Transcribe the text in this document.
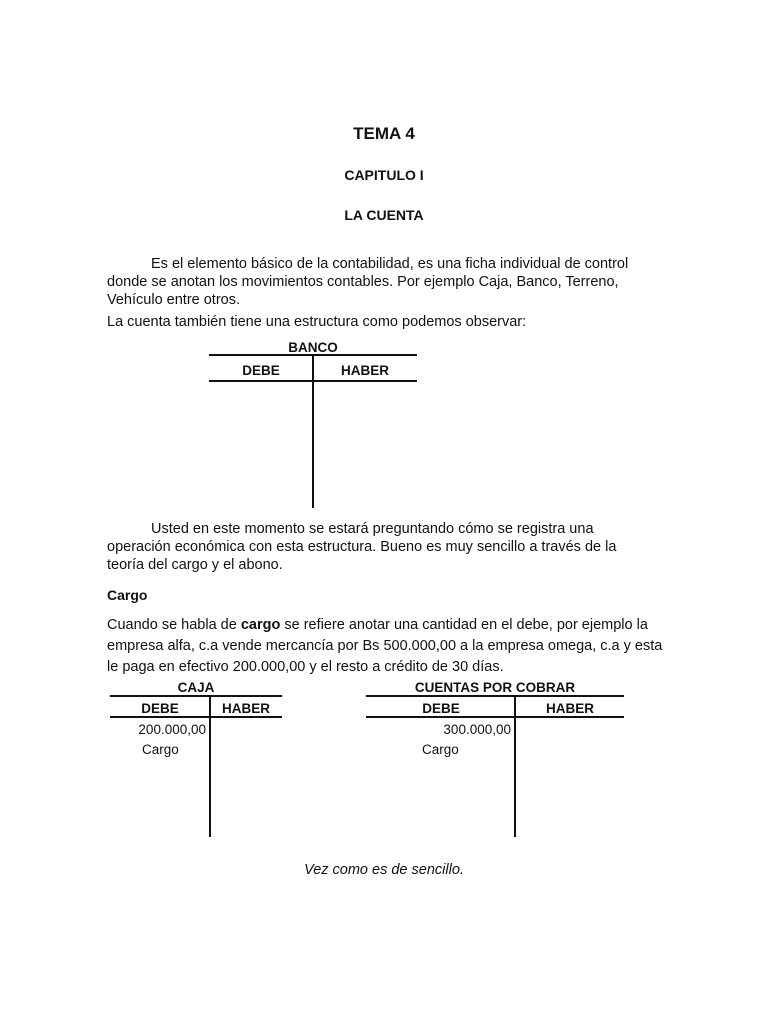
TEMA 4
CAPITULO I
LA CUENTA
Es el elemento básico de la contabilidad, es una ficha individual de control donde se anotan los movimientos contables. Por ejemplo Caja, Banco, Terreno, Vehículo entre otros.
La cuenta también tiene una estructura como podemos observar:
BANCO
DEBE	HABER
Usted en este momento se estará preguntando cómo se registra una operación económica con esta estructura. Bueno es muy sencillo a través de la teoría del cargo y el abono.
Cargo
Cuando se habla de cargo se refiere anotar una cantidad en el debe, por ejemplo la empresa alfa, c.a vende mercancía por Bs 500.000,00 a la empresa omega, c.a y esta le paga en efectivo 200.000,00 y el resto a crédito de 30 días.
CAJA
DEBE	HABER
200.000,00
Cargo
CUENTAS POR COBRAR
DEBE	HABER
300.000,00
Cargo
Vez como es de sencillo.
